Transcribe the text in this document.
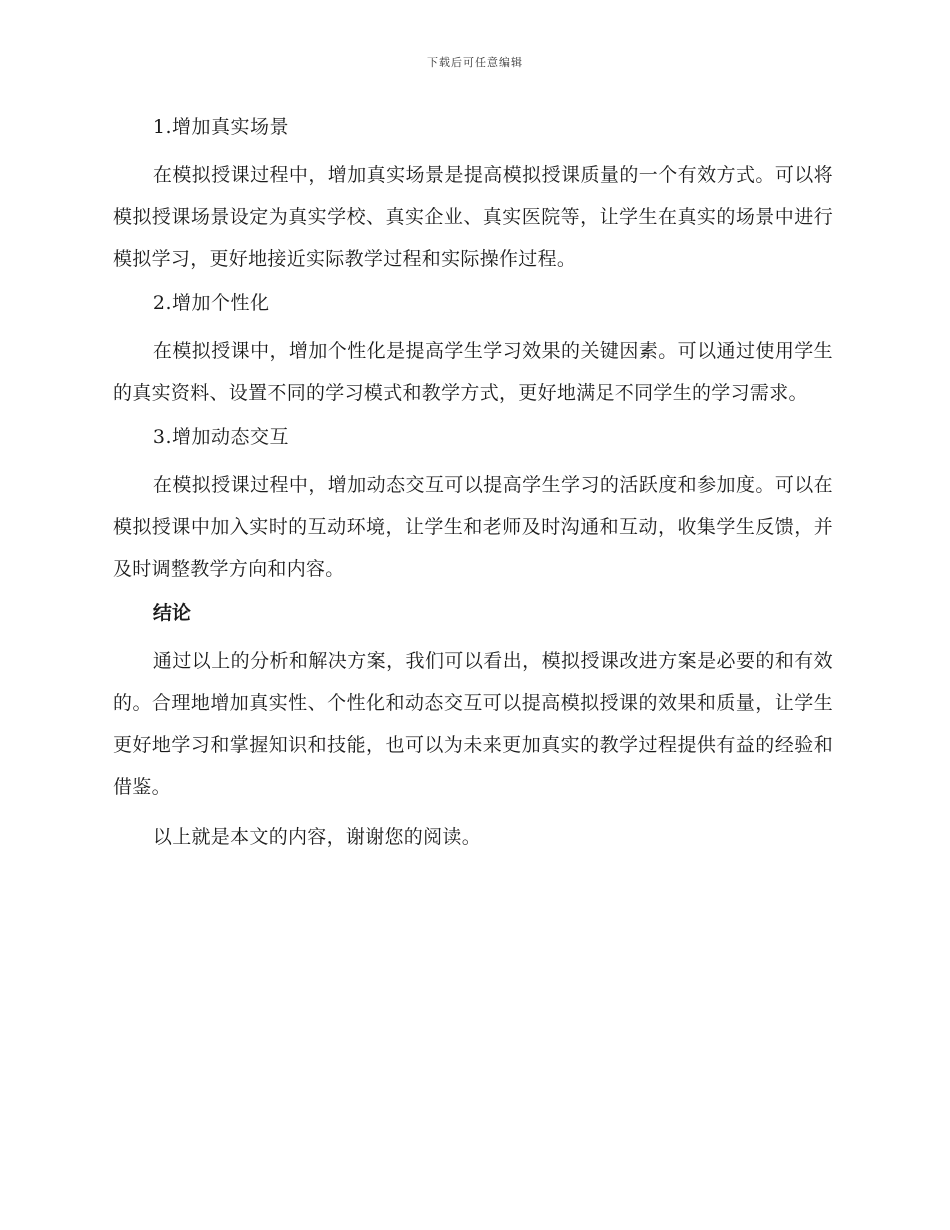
下载后可任意编辑
1.增加真实场景

在模拟授课过程中，增加真实场景是提高模拟授课质量的一个有效方式。可以将模拟授课场景设定为真实学校、真实企业、真实医院等，让学生在真实的场景中进行模拟学习，更好地接近实际教学过程和实际操作过程。

2.增加个性化

在模拟授课中，增加个性化是提高学生学习效果的关键因素。可以通过使用学生的真实资料、设置不同的学习模式和教学方式，更好地满足不同学生的学习需求。

3.增加动态交互

在模拟授课过程中，增加动态交互可以提高学生学习的活跃度和参加度。可以在模拟授课中加入实时的互动环境，让学生和老师及时沟通和互动，收集学生反馈，并及时调整教学方向和内容。

结论

通过以上的分析和解决方案，我们可以看出，模拟授课改进方案是必要的和有效的。合理地增加真实性、个性化和动态交互可以提高模拟授课的效果和质量，让学生更好地学习和掌握知识和技能，也可以为未来更加真实的教学过程提供有益的经验和借鉴。

以上就是本文的内容，谢谢您的阅读。
